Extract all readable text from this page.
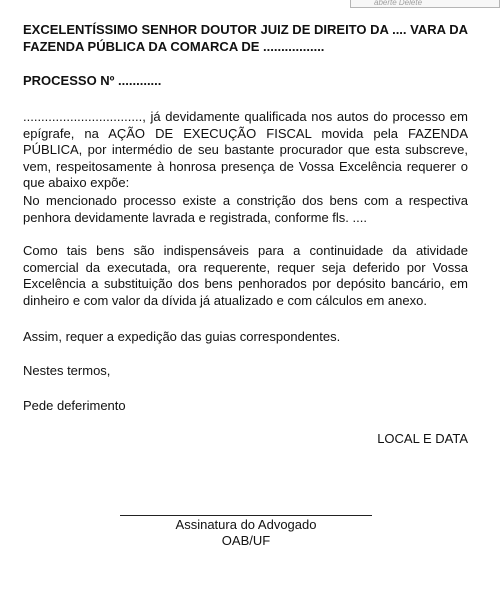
aberte Delete

EXCELENTÍSSIMO SENHOR DOUTOR JUIZ DE DIREITO DA .... VARA DA FAZENDA PÚBLICA DA COMARCA DE .................

PROCESSO Nº ............

................................., já devidamente qualificada nos autos do processo em epígrafe, na AÇÃO DE EXECUÇÃO FISCAL movida pela FAZENDA PÚBLICA, por intermédio de seu bastante procurador que esta subscreve, vem, respeitosamente à honrosa presença de Vossa Excelência requerer o que abaixo expõe:

No mencionado processo existe a constrição dos bens com a respectiva penhora devidamente lavrada e registrada, conforme fls. ....

Como tais bens são indispensáveis para a continuidade da atividade comercial da executada, ora requerente, requer seja deferido por Vossa Excelência a substituição dos bens penhorados por depósito bancário, em dinheiro e com valor da dívida já atualizado e com cálculos em anexo.

Assim, requer a expedição das guias correspondentes.

Nestes termos,

Pede deferimento

LOCAL E DATA

Assinatura do Advogado
OAB/UF
